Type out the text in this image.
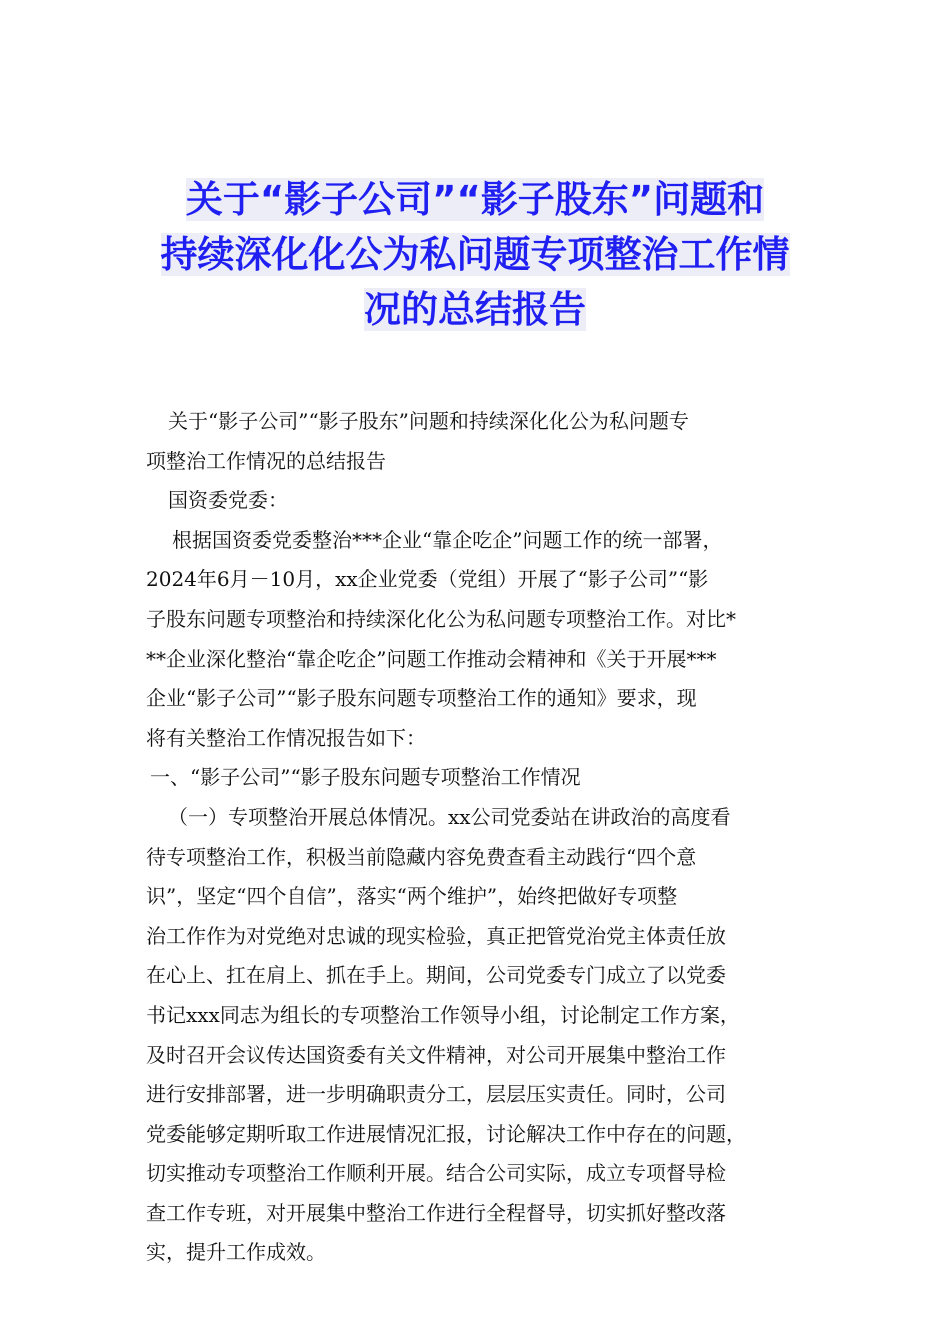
关于“影子公司”“影子股东”问题和
持续深化化公为私问题专项整治工作情
况的总结报告
关于“影子公司”“影子股东”问题和持续深化化公为私问题专
项整治工作情况的总结报告
国资委党委：
根据国资委党委整治***企业“靠企吃企”问题工作的统一部署，
2024年6月－10月，xx企业党委（党组）开展了“影子公司”“影
子股东问题专项整治和持续深化化公为私问题专项整治工作。对比*
**企业深化整治“靠企吃企”问题工作推动会精神和《关于开展***
企业“影子公司”“影子股东问题专项整治工作的通知》要求，现
将有关整治工作情况报告如下：
一、“影子公司”“影子股东问题专项整治工作情况
（一）专项整治开展总体情况。xx公司党委站在讲政治的高度看
待专项整治工作，积极当前隐藏内容免费查看主动践行“四个意
识”，坚定“四个自信”，落实“两个维护”，始终把做好专项整
治工作作为对党绝对忠诚的现实检验，真正把管党治党主体责任放
在心上、扛在肩上、抓在手上。期间，公司党委专门成立了以党委
书记xxx同志为组长的专项整治工作领导小组，讨论制定工作方案，
及时召开会议传达国资委有关文件精神，对公司开展集中整治工作
进行安排部署，进一步明确职责分工，层层压实责任。同时，公司
党委能够定期听取工作进展情况汇报，讨论解决工作中存在的问题，
切实推动专项整治工作顺利开展。结合公司实际，成立专项督导检
查工作专班，对开展集中整治工作进行全程督导，切实抓好整改落
实，提升工作成效。
